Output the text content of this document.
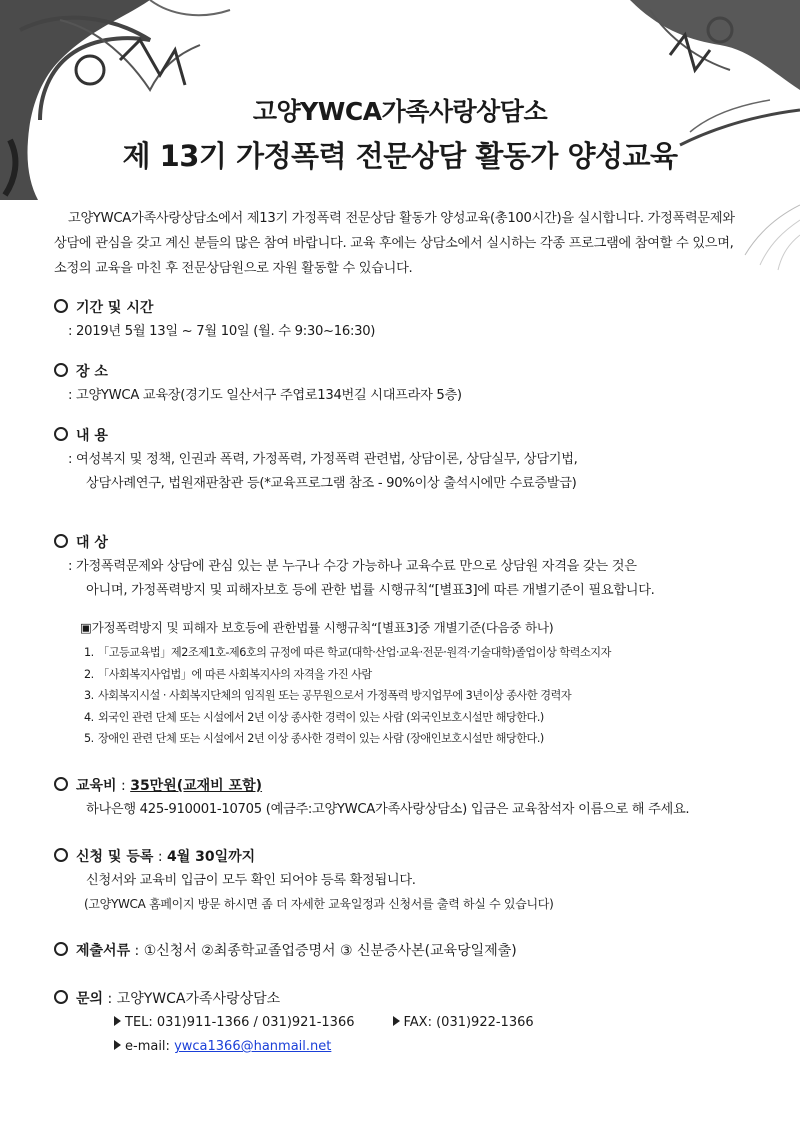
고양YWCA가족사랑상담소
제 13기 가정폭력 전문상담 활동가 양성교육
고양YWCA가족사랑상담소에서 제13기 가정폭력 전문상담 활동가 양성교육(총100시간)을 실시합니다. 가정폭력문제와 상담에 관심을 갖고 계신 분들의 많은 참여 바랍니다. 교육 후에는 상담소에서 실시하는 각종 프로그램에 참여할 수 있으며, 소정의 교육을 마친 후 전문상담원으로 자원 활동할 수 있습니다.
기간 및 시간
: 2019년 5월 13일 ~ 7월 10일 (월. 수 9:30~16:30)
장 소
: 고양YWCA 교육장(경기도 일산서구 주엽로134번길 시대프라자 5층)
내 용
: 여성복지 및 정책, 인권과 폭력, 가정폭력, 가정폭력 관련법, 상담이론, 상담실무, 상담기법,
상담사례연구, 법원재판참관 등(*교육프로그램 참조 - 90%이상 출석시에만 수료증발급)
대 상
: 가정폭력문제와 상담에 관심 있는 분 누구나 수강 가능하나 교육수료 만으로 상담원 자격을 갖는 것은
아니며, 가정폭력방지 및 피해자보호 등에 관한 법률 시행규칙“[별표3]에 따른 개별기준이 필요합니다.
▣가정폭력방지 및 피해자 보호등에 관한법률 시행규칙“[별표3]중 개별기준(다음중 하나)
1. 「고등교육법」제2조제1호-제6호의 규정에 따른 학교(대학·산업·교육·전문·원격·기술대학)졸업이상 학력소지자
2. 「사회복지사업법」에 따른 사회복지사의 자격을 가진 사람
3. 사회복지시설 · 사회복지단체의 임직원 또는 공무원으로서 가정폭력 방지업무에 3년이상 종사한 경력자
4. 외국인 관련 단체 또는 시설에서 2년 이상 종사한 경력이 있는 사람 (외국인보호시설만 해당한다.)
5. 장애인 관련 단체 또는 시설에서 2년 이상 종사한 경력이 있는 사람 (장애인보호시설만 해당한다.)
교육비 : 35만원(교재비 포함)
하나은행 425-910001-10705 (예금주:고양YWCA가족사랑상담소) 입금은 교육참석자 이름으로 해 주세요.
신청 및 등록 : 4월 30일까지
신청서와 교육비 입금이 모두 확인 되어야 등록 확정됩니다.
(고양YWCA 홈페이지 방문 하시면 좀 더 자세한 교육일정과 신청서를 출력 하실 수 있습니다)
제출서류 : ①신청서 ②최종학교졸업증명서 ③ 신분증사본(교육당일제출)
문의 : 고양YWCA가족사랑상담소
TEL: 031)911-1366 / 031)921-1366	FAX: (031)922-1366
e-mail: ywca1366@hanmail.net
